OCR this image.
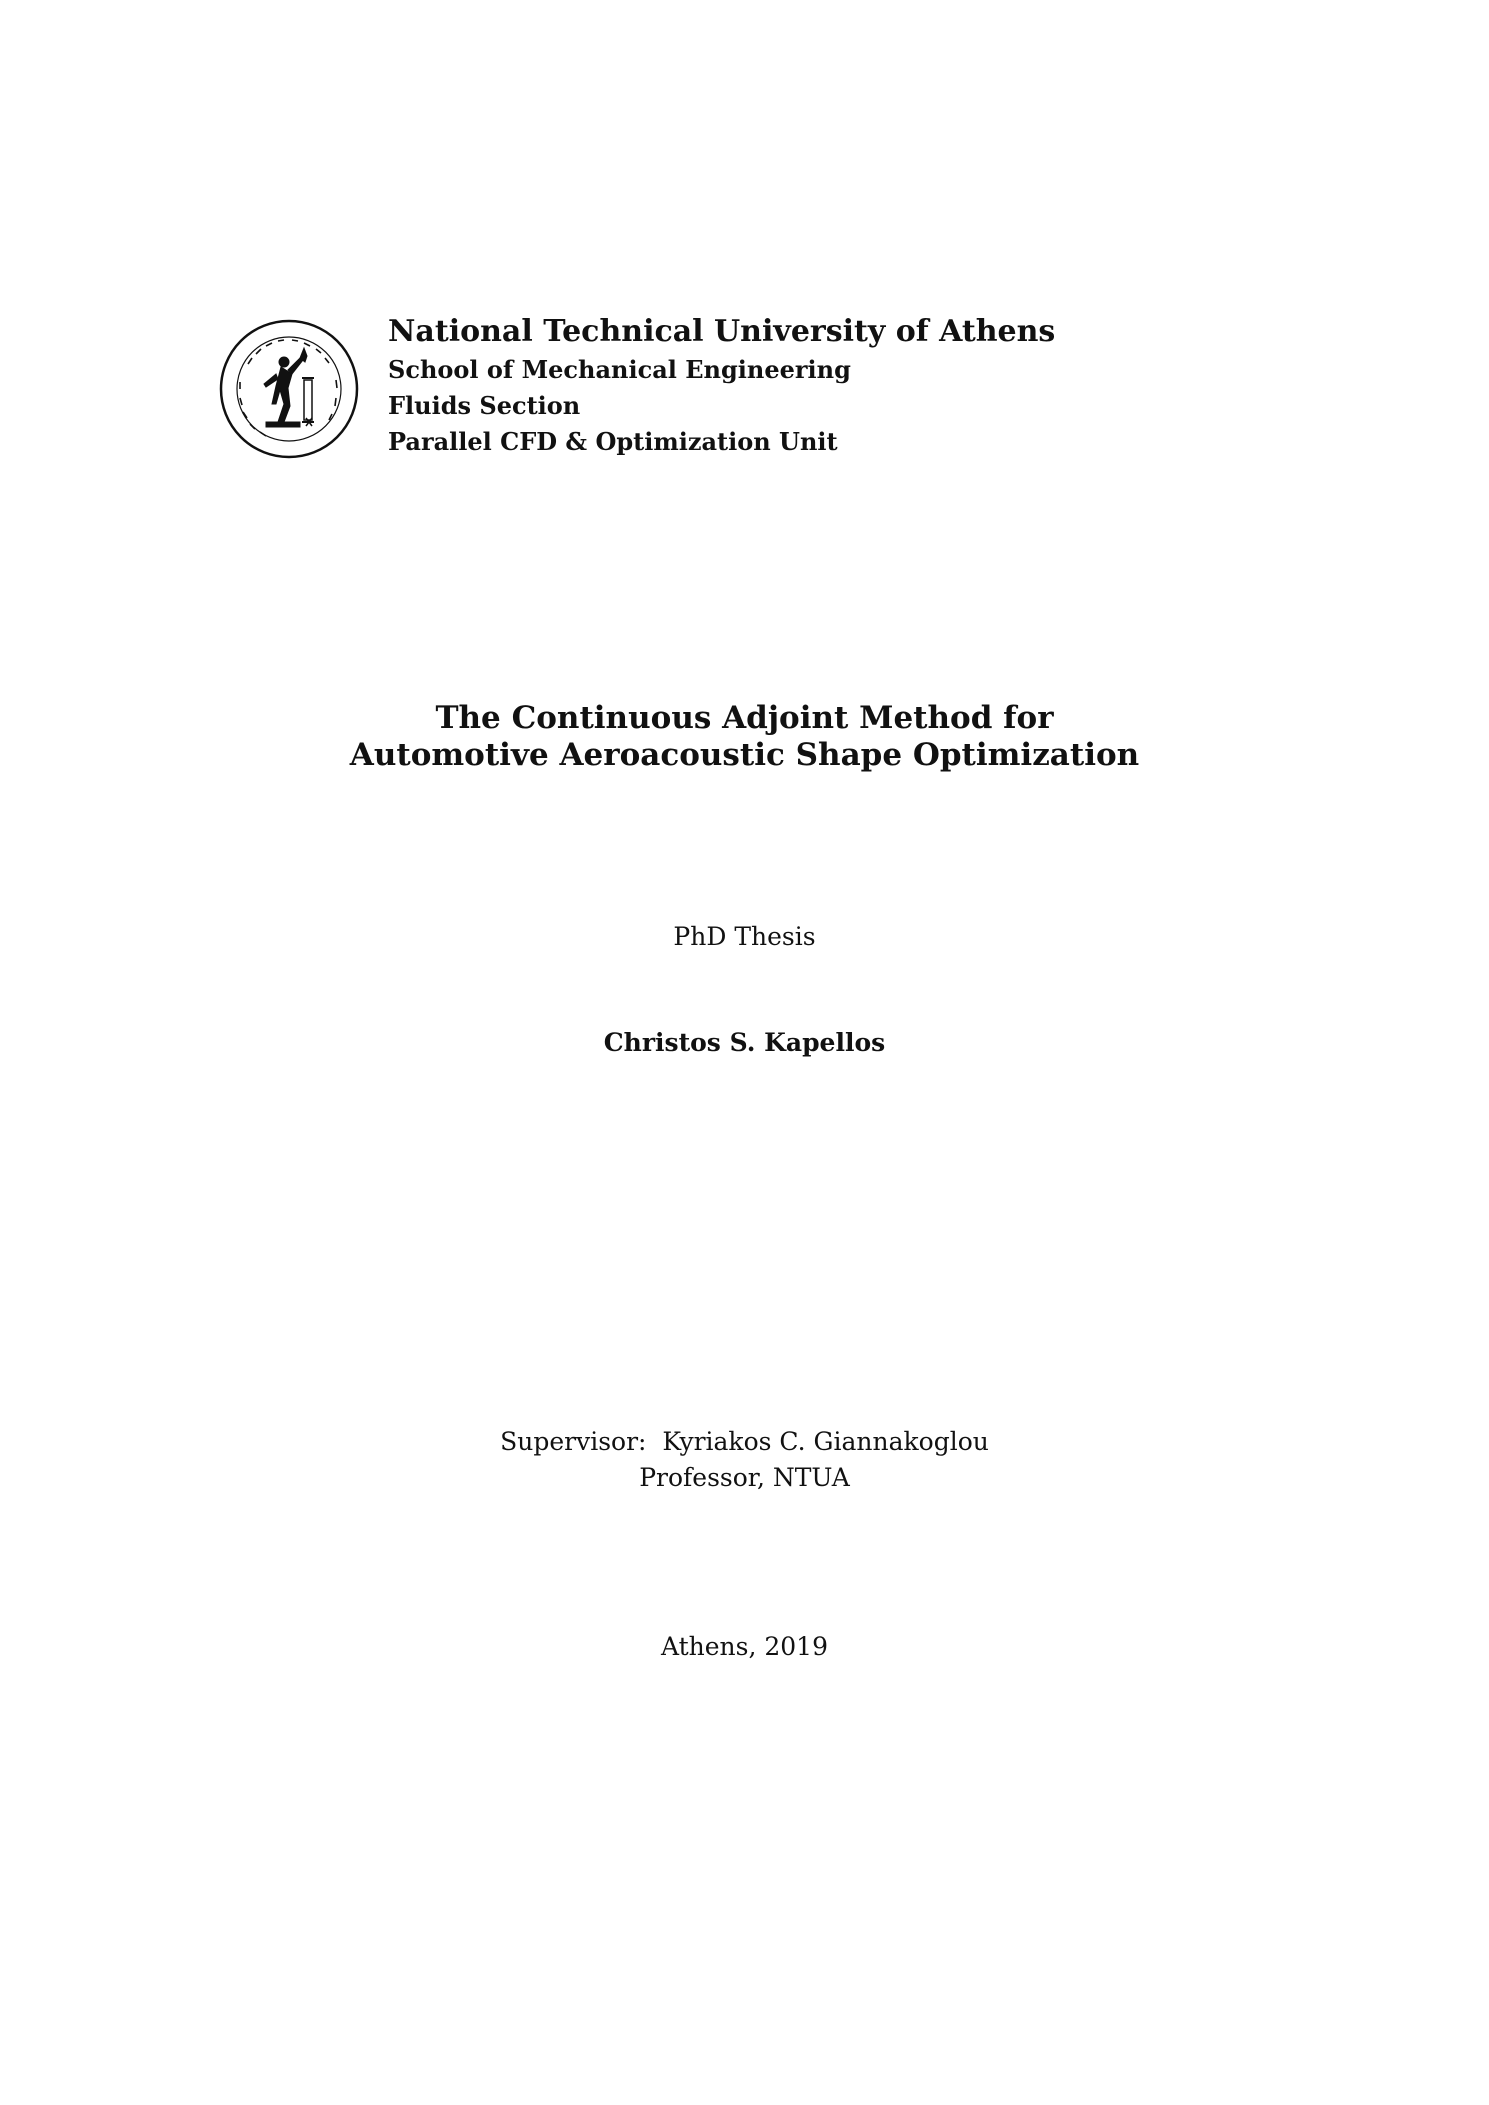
National Technical University of Athens
School of Mechanical Engineering
Fluids Section
Parallel CFD & Optimization Unit
The Continuous Adjoint Method for
Automotive Aeroacoustic Shape Optimization
PhD Thesis
Christos S. Kapellos
Supervisor:  Kyriakos C. Giannakoglou
Professor, NTUA
Athens, 2019
